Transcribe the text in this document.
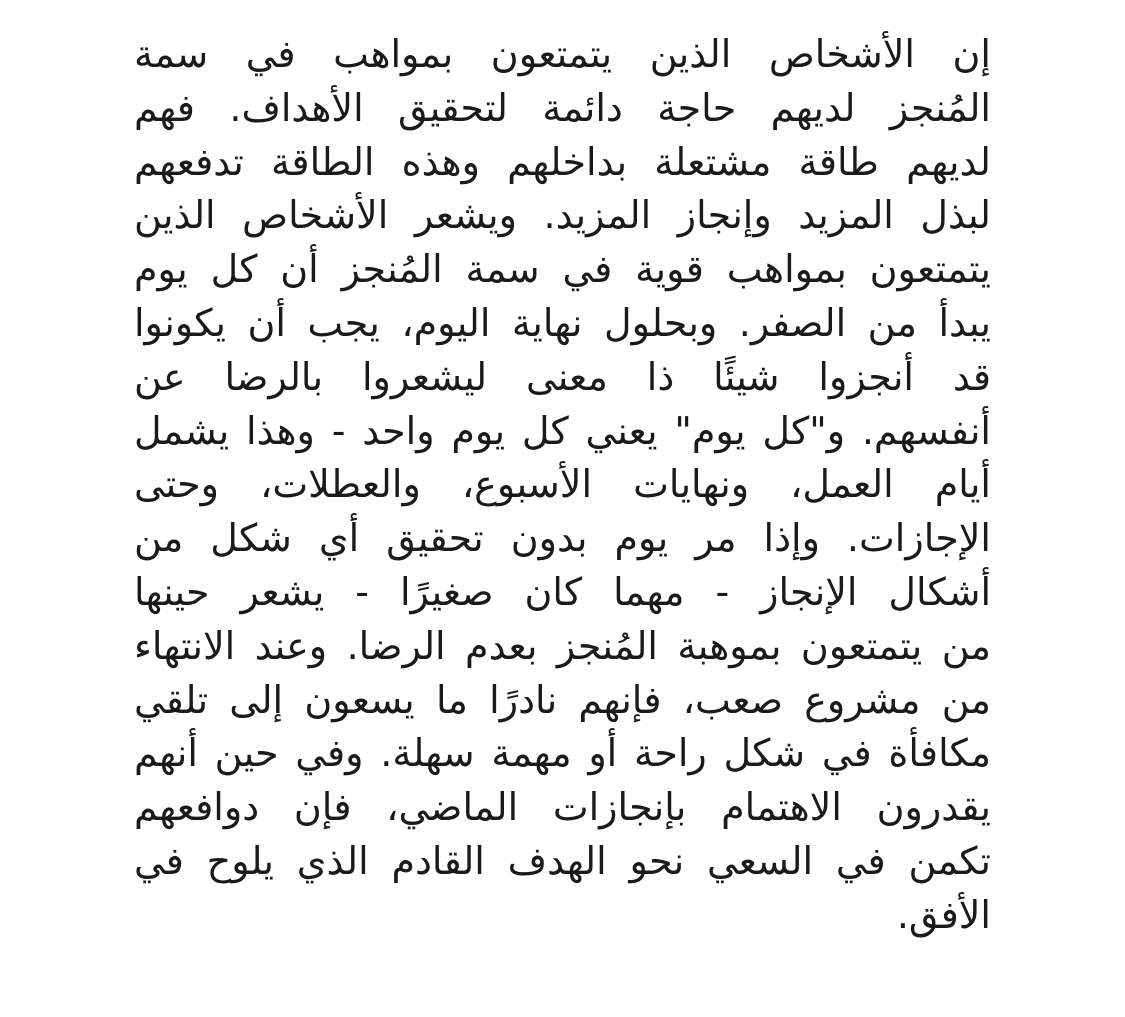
إن الأشخاص الذين يتمتعون بمواهب في سمة
المُنجز لديهم حاجة دائمة لتحقيق الأهداف. فهم
لديهم طاقة مشتعلة بداخلهم وهذه الطاقة تدفعهم
لبذل المزيد وإنجاز المزيد. ويشعر الأشخاص الذين
يتمتعون بمواهب قوية في سمة المُنجز أن كل يوم
يبدأ من الصفر. وبحلول نهاية اليوم، يجب أن يكونوا
قد أنجزوا شيئًا ذا معنى ليشعروا بالرضا عن
أنفسهم. و"كل يوم" يعني كل يوم واحد - وهذا يشمل
أيام العمل، ونهايات الأسبوع، والعطلات، وحتى
الإجازات. وإذا مر يوم بدون تحقيق أي شكل من
أشكال الإنجاز - مهما كان صغيرًا - يشعر حينها
من يتمتعون بموهبة المُنجز بعدم الرضا. وعند الانتهاء
من مشروع صعب، فإنهم نادرًا ما يسعون إلى تلقي
مكافأة في شكل راحة أو مهمة سهلة. وفي حين أنهم
يقدرون الاهتمام بإنجازات الماضي، فإن دوافعهم
تكمن في السعي نحو الهدف القادم الذي يلوح في
الأفق.
